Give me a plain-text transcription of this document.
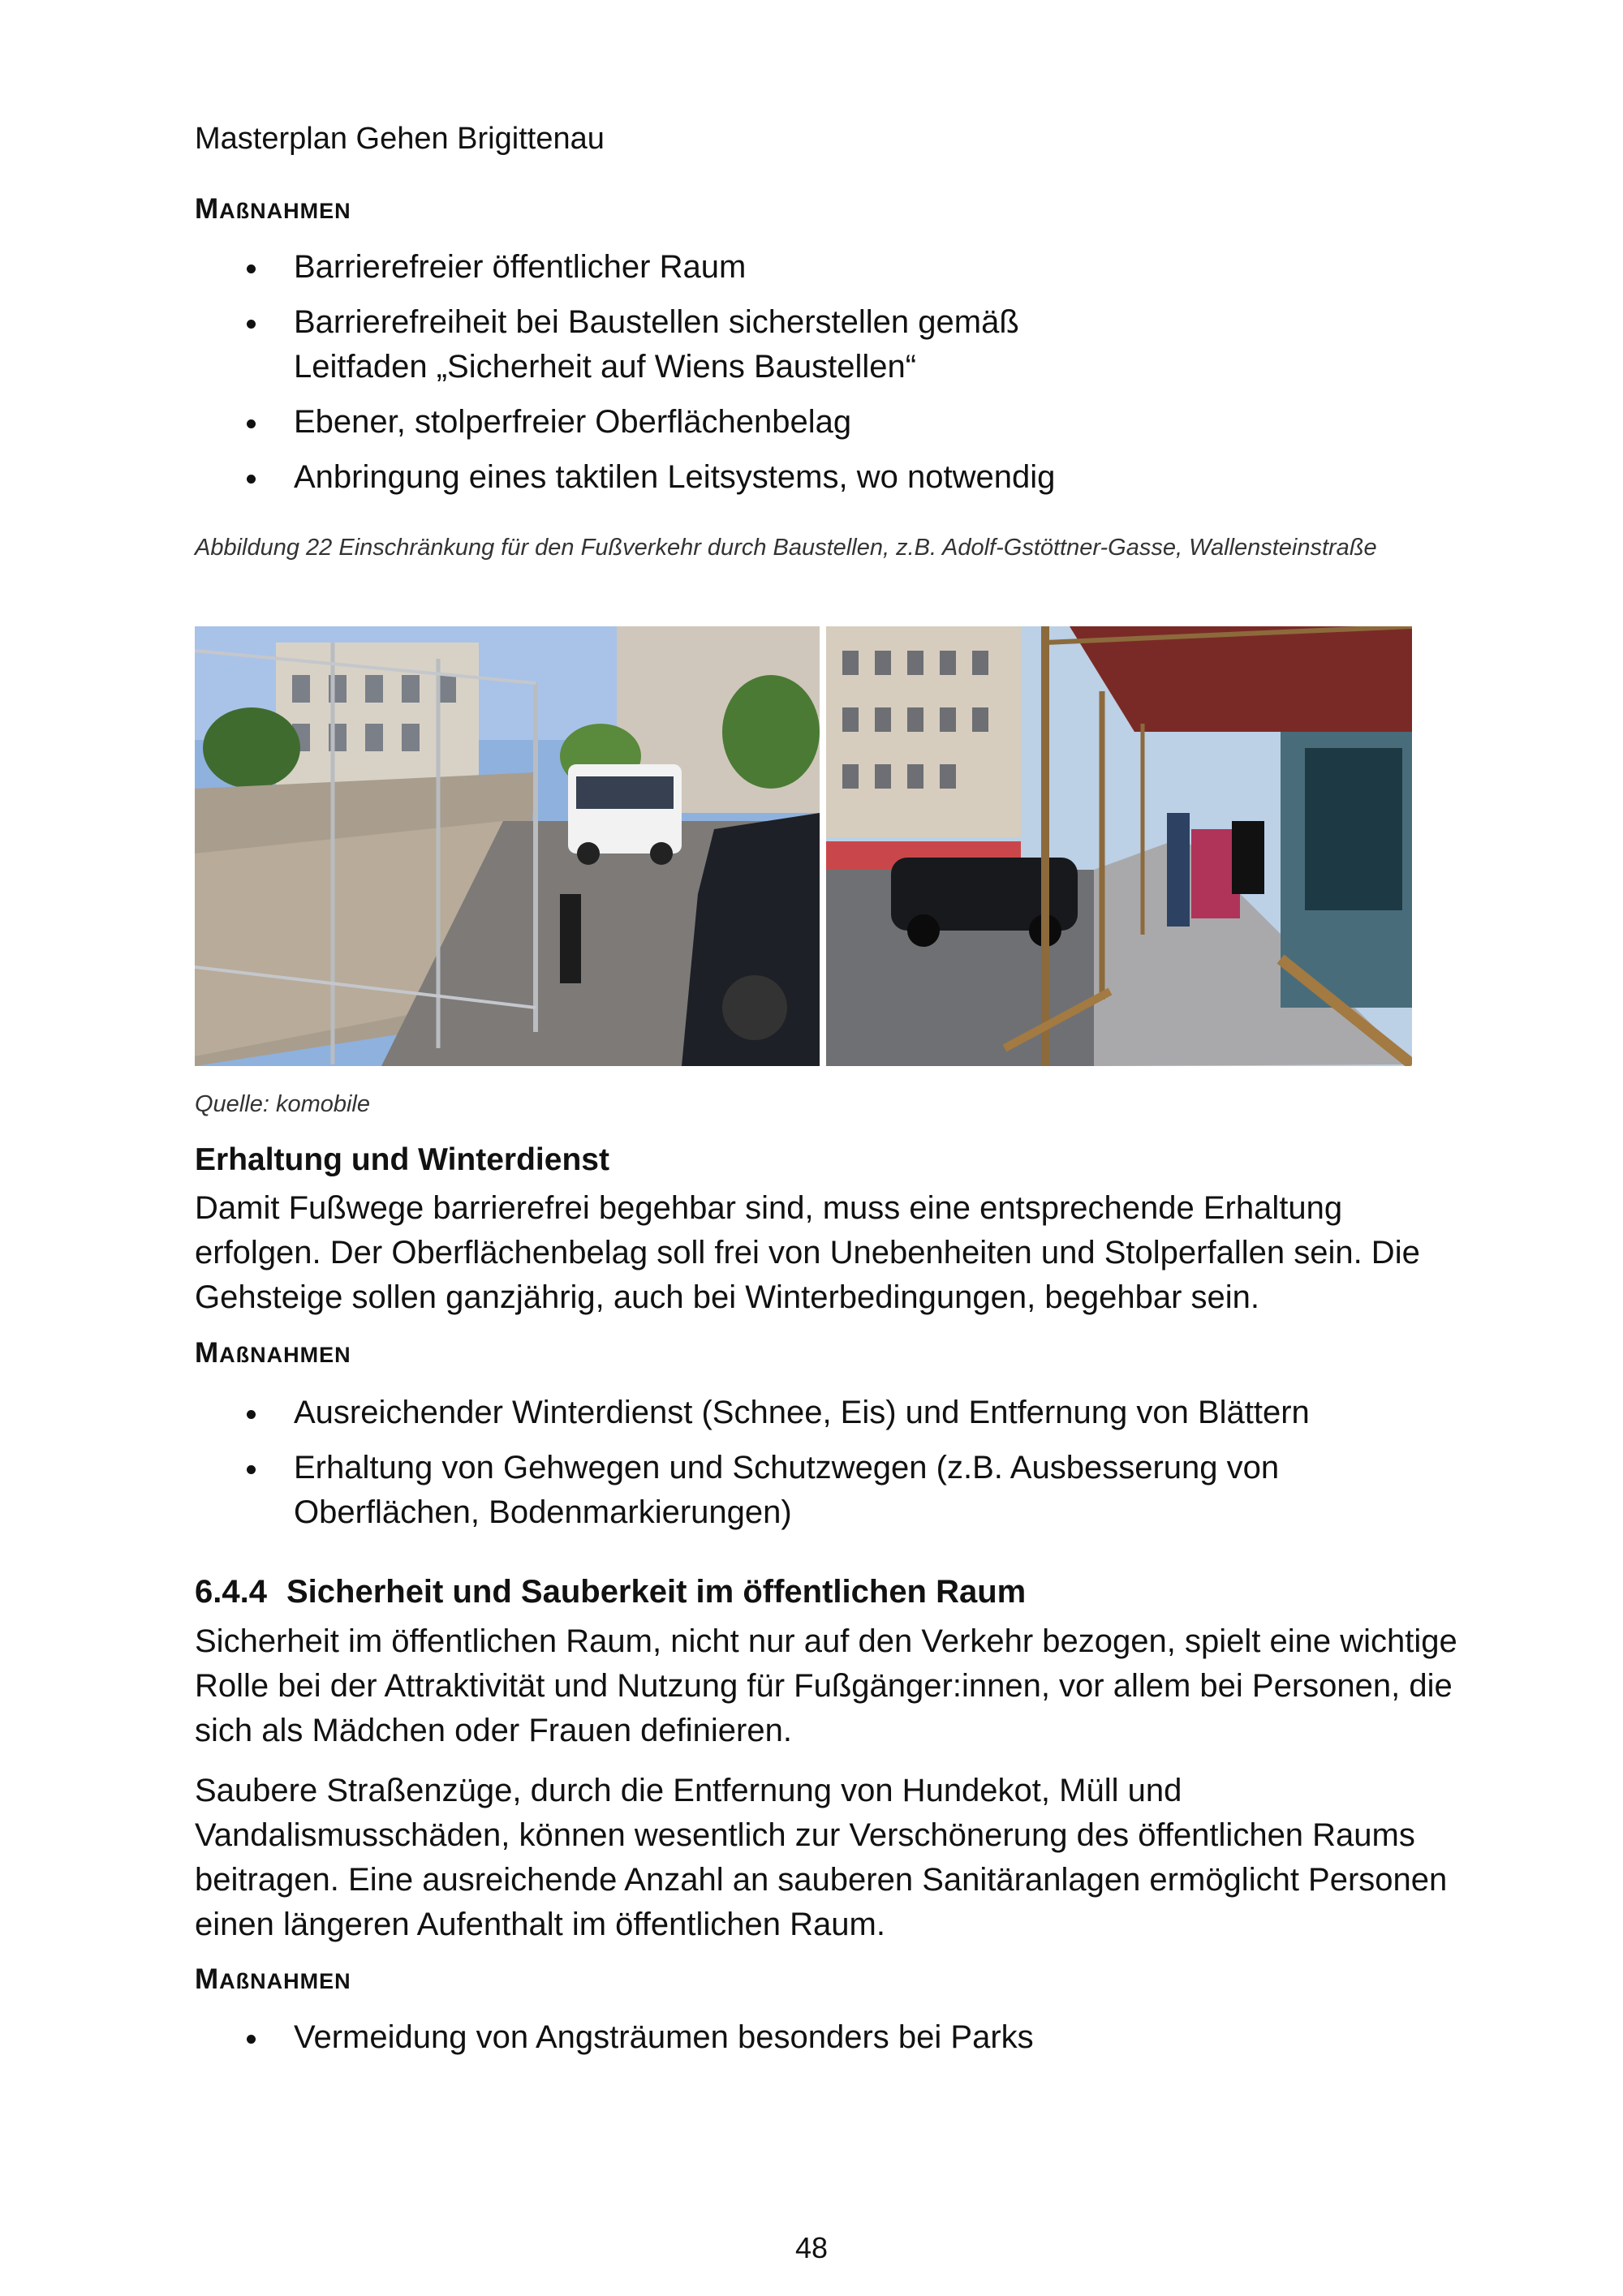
Masterplan Gehen Brigittenau
MAßNAHMEN
Barrierefreier öffentlicher Raum
Barrierefreiheit bei Baustellen sicherstellen gemäß Leitfaden „Sicherheit auf Wiens Baustellen“
Ebener, stolperfreier Oberflächenbelag
Anbringung eines taktilen Leitsystems, wo notwendig
Abbildung 22 Einschränkung für den Fußverkehr durch Baustellen, z.B. Adolf-Gstöttner-Gasse, Wallensteinstraße
Quelle: komobile
Erhaltung und Winterdienst

Damit Fußwege barrierefrei begehbar sind, muss eine entsprechende Erhaltung erfolgen. Der Oberflächenbelag soll frei von Unebenheiten und Stolperfallen sein. Die Gehsteige sollen ganzjährig, auch bei Winterbedingungen, begehbar sein.

MAßNAHMEN
Ausreichender Winterdienst (Schnee, Eis) und Entfernung von Blättern
Erhaltung von Gehwegen und Schutzwegen (z.B. Ausbesserung von Oberflächen, Bodenmarkierungen)
6.4.4 Sicherheit und Sauberkeit im öffentlichen Raum

Sicherheit im öffentlichen Raum, nicht nur auf den Verkehr bezogen, spielt eine wichtige Rolle bei der Attraktivität und Nutzung für Fußgänger:innen, vor allem bei Personen, die sich als Mädchen oder Frauen definieren.

Saubere Straßenzüge, durch die Entfernung von Hundekot, Müll und Vandalismusschäden, können wesentlich zur Verschönerung des öffentlichen Raums beitragen. Eine ausreichende Anzahl an sauberen Sanitäranlagen ermöglicht Personen einen längeren Aufenthalt im öffentlichen Raum.

MAßNAHMEN
Vermeidung von Angsträumen besonders bei Parks
48
